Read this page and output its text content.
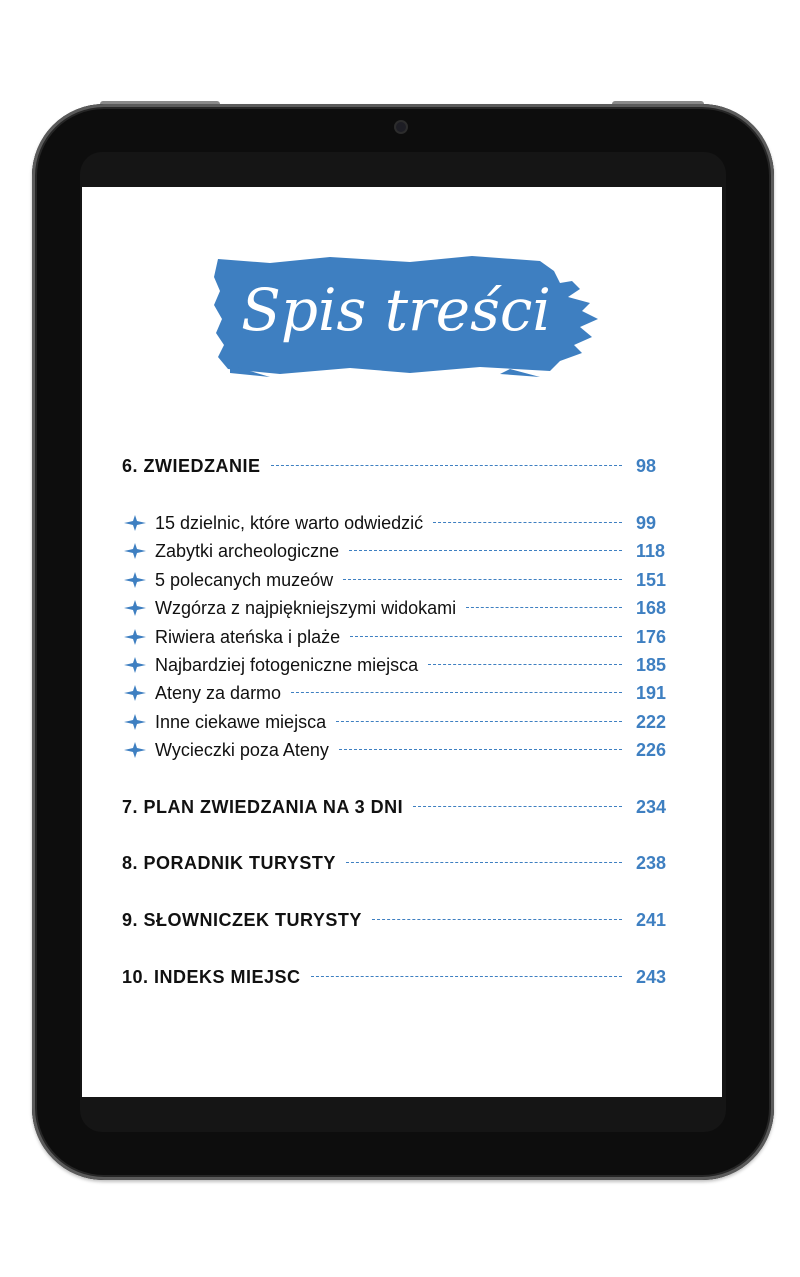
Spis treści
6. ZWIEDZANIE	98
15 dzielnic, które warto odwiedzić	99
Zabytki archeologiczne	118
5 polecanych muzeów	151
Wzgórza z najpiękniejszymi widokami	168
Riwiera ateńska i plaże	176
Najbardziej fotogeniczne miejsca	185
Ateny za darmo	191
Inne ciekawe miejsca	222
Wycieczki poza Ateny	226
7. PLAN ZWIEDZANIA NA 3 DNI	234
8. PORADNIK TURYSTY	238
9. SŁOWNICZEK TURYSTY	241
10. INDEKS MIEJSC	243
